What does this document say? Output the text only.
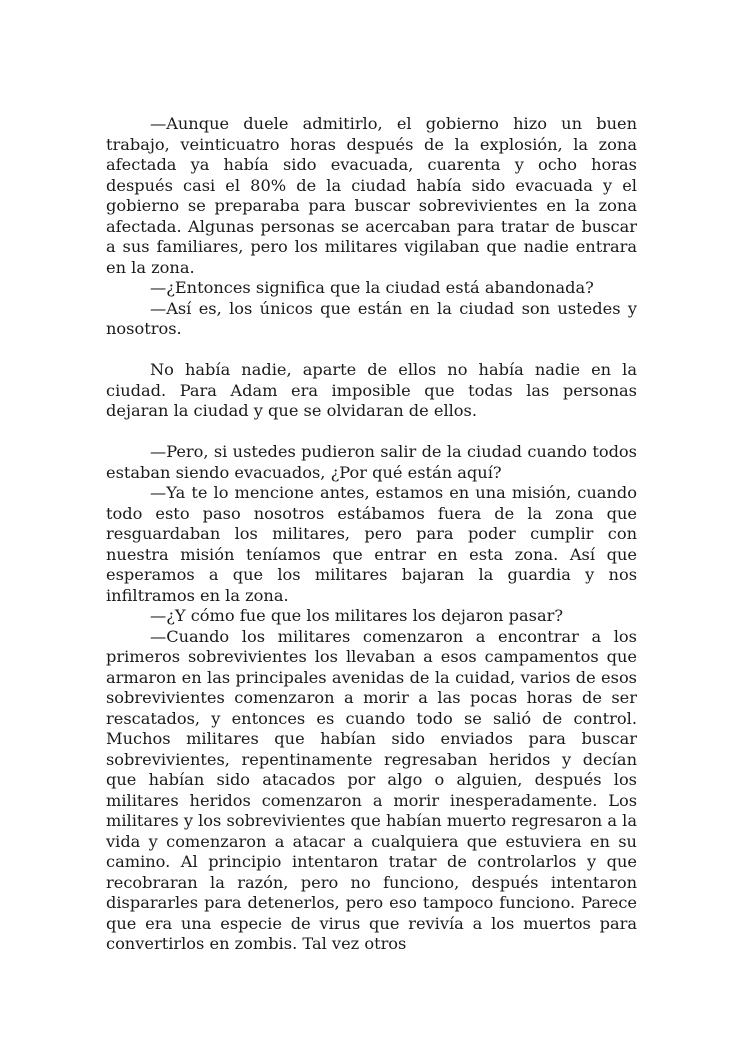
—Aunque duele admitirlo, el gobierno hizo un buen trabajo, veinticuatro horas después de la explosión, la zona afectada ya había sido evacuada, cuarenta y ocho horas después casi el 80% de la ciudad había sido evacuada y el gobierno se preparaba para buscar sobrevivientes en la zona afectada. Algunas personas se acercaban para tratar de buscar a sus familiares, pero los militares vigilaban que nadie entrara en la zona.

—¿Entonces significa que la ciudad está abandonada?

—Así es, los únicos que están en la ciudad son ustedes y nosotros.

No había nadie, aparte de ellos no había nadie en la ciudad. Para Adam era imposible que todas las personas dejaran la ciudad y que se olvidaran de ellos.

—Pero, si ustedes pudieron salir de la ciudad cuando todos estaban siendo evacuados, ¿Por qué están aquí?

—Ya te lo mencione antes, estamos en una misión, cuando todo esto paso nosotros estábamos fuera de la zona que resguardaban los militares, pero para poder cumplir con nuestra misión teníamos que entrar en esta zona. Así que esperamos a que los militares bajaran la guardia y nos infiltramos en la zona.

—¿Y cómo fue que los militares los dejaron pasar?

—Cuando los militares comenzaron a encontrar a los primeros sobrevivientes los llevaban a esos campamentos que armaron en las principales avenidas de la cuidad, varios de esos sobrevivientes comenzaron a morir a las pocas horas de ser rescatados, y entonces es cuando todo se salió de control. Muchos militares que habían sido enviados para buscar sobrevivientes, repentinamente regresaban heridos y decían que habían sido atacados por algo o alguien, después los militares heridos comenzaron a morir inesperadamente. Los militares y los sobrevivientes que habían muerto regresaron a la vida y comenzaron a atacar a cualquiera que estuviera en su camino. Al principio intentaron tratar de controlarlos y que recobraran la razón, pero no funciono, después intentaron dispararles para detenerlos, pero eso tampoco funciono. Parece que era una especie de virus que revivía a los muertos para convertirlos en zombis. Tal vez otros
